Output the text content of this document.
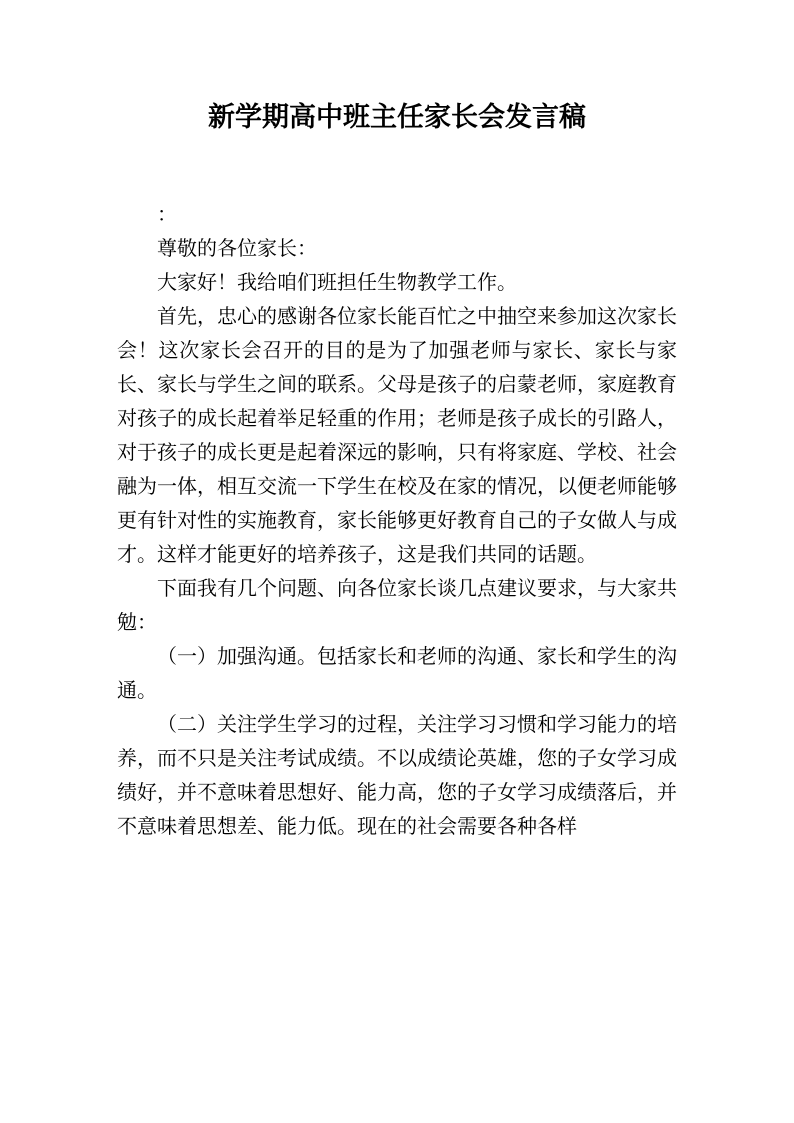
新学期高中班主任家长会发言稿

：

尊敬的各位家长：

大家好！我给咱们班担任生物教学工作。

首先，忠心的感谢各位家长能百忙之中抽空来参加这次家长会！这次家长会召开的目的是为了加强老师与家长、家长与家长、家长与学生之间的联系。父母是孩子的启蒙老师，家庭教育对孩子的成长起着举足轻重的作用；老师是孩子成长的引路人，对于孩子的成长更是起着深远的影响，只有将家庭、学校、社会融为一体，相互交流一下学生在校及在家的情况，以便老师能够更有针对性的实施教育，家长能够更好教育自己的子女做人与成才。这样才能更好的培养孩子，这是我们共同的话题。

下面我有几个问题、向各位家长谈几点建议要求，与大家共勉：

（一）加强沟通。包括家长和老师的沟通、家长和学生的沟通。

（二）关注学生学习的过程，关注学习习惯和学习能力的培养，而不只是关注考试成绩。不以成绩论英雄，您的子女学习成绩好，并不意味着思想好、能力高，您的子女学习成绩落后，并不意味着思想差、能力低。现在的社会需要各种各样
